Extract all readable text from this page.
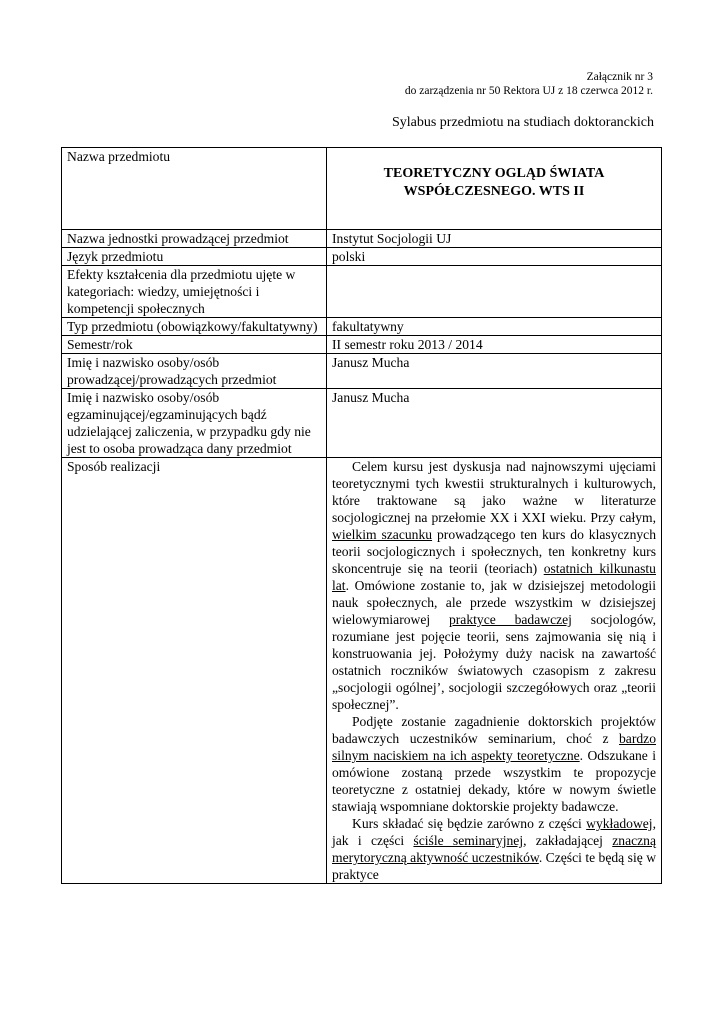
Załącznik nr 3
do zarządzenia nr 50 Rektora UJ z 18 czerwca 2012 r.
Sylabus przedmiotu na studiach doktoranckich
Nazwa przedmiotu	TEORETYCZNY OGLĄD ŚWIATA
WSPÓŁCZESNEGO. WTS II

Nazwa jednostki prowadzącej przedmiot	Instytut Socjologii UJ
Język przedmiotu	polski
Efekty kształcenia dla przedmiotu ujęte w kategoriach: wiedzy, umiejętności i kompetencji społecznych	
Typ przedmiotu (obowiązkowy/fakultatywny)	fakultatywny
Semestr/rok	II semestr roku 2013 / 2014
Imię i nazwisko osoby/osób prowadzącej/prowadzących przedmiot	Janusz Mucha
Imię i nazwisko osoby/osób egzaminującej/egzaminujących bądź udzielającej zaliczenia, w przypadku gdy nie jest to osoba prowadząca dany przedmiot	Janusz Mucha
Sposób realizacji	Celem kursu jest dyskusja nad najnowszymi ujęciami teoretycznymi tych kwestii strukturalnych i kulturowych, które traktowane są jako ważne w literaturze socjologicznej na przełomie XX i XXI wieku. Przy całym, wielkim szacunku prowadzącego ten kurs do klasycznych teorii socjologicznych i społecznych, ten konkretny kurs skoncentruje się na teorii (teoriach) ostatnich kilkunastu lat. Omówione zostanie to, jak w dzisiejszej metodologii nauk społecznych, ale przede wszystkim w dzisiejszej wielowymiarowej praktyce badawczej socjologów, rozumiane jest pojęcie teorii, sens zajmowania się nią i konstruowania jej. Położymy duży nacisk na zawartość ostatnich roczników światowych czasopism z zakresu „socjologii ogólnej’, socjologii szczegółowych oraz „teorii społecznej”.
Podjęte zostanie zagadnienie doktorskich projektów badawczych uczestników seminarium, choć z bardzo silnym naciskiem na ich aspekty teoretyczne. Odszukane i omówione zostaną przede wszystkim te propozycje teoretyczne z ostatniej dekady, które w nowym świetle stawiają wspomniane doktorskie projekty badawcze.
Kurs składać się będzie zarówno z części wykładowej, jak i części ściśle seminaryjnej, zakładającej znaczną merytoryczną aktywność uczestników. Części te będą się w praktyce
